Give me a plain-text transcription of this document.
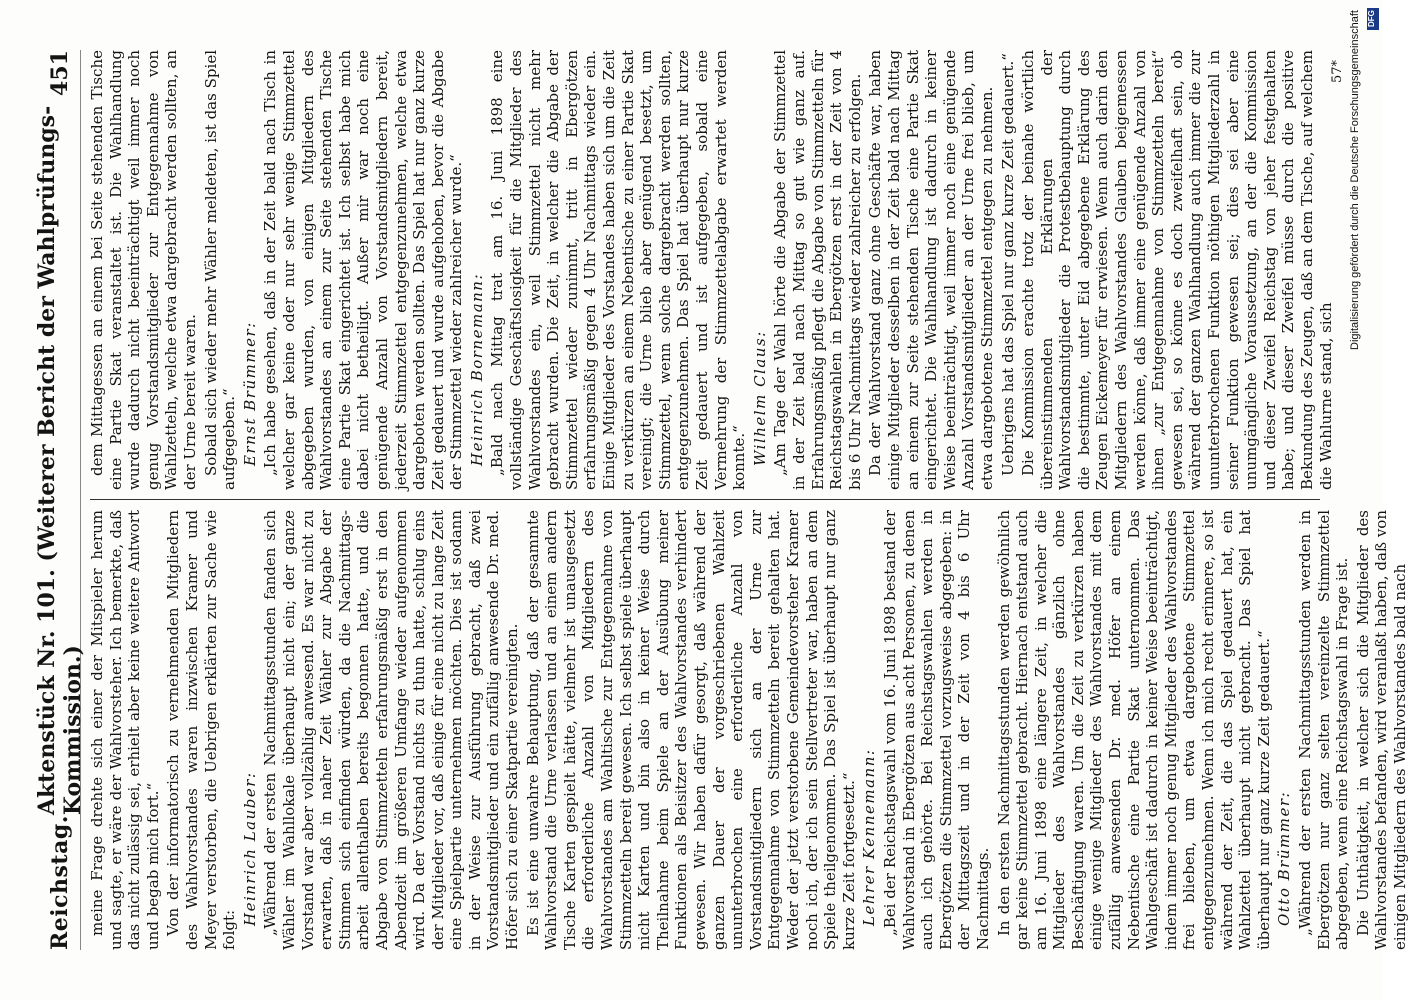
Reichstag.
Aktenstück Nr. 101. (Weiterer Bericht der Wahlprüfungs-Kommission.)
451

meine Frage drehte sich einer der Mitspieler herum und sagte, er wäre der Wahlvorsteher. Ich bemerkte, daß das nicht zulässig sei, erhielt aber keine weitere Antwort und begab mich fort.“ Von der informatorisch zu vernehmenden Mitgliedern des Wahlvorstandes waren inzwischen Kramer und Meyer verstorben, die Uebrigen erklärten zur Sache wie folgt:

Heinrich Lauber: „Während der ersten Nachmittagsstunden fanden sich Wähler im Wahllokale überhaupt nicht ein; der ganze Vorstand war aber vollzählig anwesend. Es war nicht zu erwarten, daß in naher Zeit Wähler zur Abgabe der Stimmen sich einfinden würden, da die Nachmittags-arbeit allenthalben bereits begonnen hatte, und die Abgabe von Stimmzetteln erfahrungsmäßig erst in den Abendzeit im größeren Umfange wieder aufgenommen wird. Da der Vorstand nichts zu thun hatte, schlug eins der Mitglieder vor, daß einige für eine nicht zu lange Zeit eine Spielpartie unternehmen möchten. Dies ist sodann in der Weise zur Ausführung gebracht, daß zwei Vorstandsmitglieder und ein zufällig anwesende Dr. med. Höfer sich zu einer Skatpartie vereinigten. Es ist eine unwahre Behauptung, daß der gesammte Wahlvorstand die Urne verlassen und an einem andern Tische Karten gespielt hätte, vielmehr ist unausgesetzt die erforderliche Anzahl von Mitgliedern des Wahlvorstandes am Wahltische zur Entgegennahme von Stimmzetteln bereit gewesen. Ich selbst spiele überhaupt nicht Karten und bin also in keiner Weise durch Theilnahme beim Spiele an der Ausübung meiner Funktionen als Beisitzer des Wahlvorstandes verhindert gewesen. Wir haben dafür gesorgt, daß während der ganzen Dauer der vorgeschriebenen Wahlzeit ununterbrochen eine erforderliche Anzahl von Vorstandsmitgliedern sich an der Urne zur Entgegennahme von Stimmzetteln bereit gehalten hat. Weder der jetzt verstorbene Gemeindevorsteher Kramer noch ich, der ich sein Stellvertreter war, haben an dem Spiele theilgenommen. Das Spiel ist überhaupt nur ganz kurze Zeit fortgesetzt.“ Lehrer Kennemann: „Bei der Reichstagswahl vom 16. Juni 1898 bestand der Wahlvorstand in Ebergötzen aus acht Personen, zu denen auch ich gehörte. Bei Reichstagswahlen werden in Ebergötzen die Stimmzettel vorzugsweise abgegeben: in der Mittagszeit und in der Zeit von 4 bis 6 Uhr Nachmittags. In den ersten Nachmittagsstunden werden gewöhnlich gar keine Stimmzettel gebracht. Hiernach entstand auch am 16. Juni 1898 eine längere Zeit, in welcher die Mitglieder des Wahlvorstandes gänzlich ohne Beschäftigung waren. Um die Zeit zu verkürzen haben einige wenige Mitglieder des Wahlvorstandes mit dem zufällig anwesenden Dr. med. Höfer an einem Nebentische eine Partie Skat unternommen. Das Wahlgeschäft ist dadurch in keiner Weise beeinträchtigt, indem immer noch genug Mitglieder des Wahlvorstandes frei blieben, um etwa dargebotene Stimmzettel entgegenzunehmen. Wenn ich mich recht erinnere, so ist während der Zeit, die das Spiel gedauert hat, ein Wahlzettel überhaupt nicht gebracht. Das Spiel hat überhaupt nur ganz kurze Zeit gedauert.“ Otto Brümmer: „Während der ersten Nachmittagsstunden werden in Ebergötzen nur ganz selten vereinzelte Stimmzettel abgegeben, wenn eine Reichstagswahl in Frage ist. Die Unthätigkeit, in welcher sich die Mitglieder des Wahlvorstandes befanden, wird veranlaßt haben, daß von einigen Mitgliedern des Wahlvorstandes bald nach

dem Mittagessen an einem bei Seite stehenden Tische eine Partie Skat veranstaltet ist. Die Wahlhandlung wurde dadurch nicht beeinträchtigt weil immer noch genug Vorstandsmitglieder zur Entgegennahme von Wahlzetteln, welche etwa dargebracht werden sollten, an der Urne bereit waren. Sobald sich wieder mehr Wähler meldeten, ist das Spiel aufgegeben.“ Ernst Brümmer: „Ich habe gesehen, daß in der Zeit bald nach Tisch in welcher gar keine oder nur sehr wenige Stimmzettel abgegeben wurden, von einigen Mitgliedern des Wahlvorstandes an einem zur Seite stehenden Tische eine Partie Skat eingerichtet ist. Ich selbst habe mich dabei nicht betheiligt. Außer mir war noch eine genügende Anzahl von Vorstandsmitgliedern bereit, jederzeit Stimmzettel entgegenzunehmen, welche etwa dargeboten werden sollten. Das Spiel hat nur ganz kurze Zeit gedauert und wurde aufgehoben, bevor die Abgabe der Stimmzettel wieder zahlreicher wurde.“ Heinrich Bornemann: „Bald nach Mittag trat am 16. Juni 1898 eine vollständige Geschäftslosigkeit für die Mitglieder des Wahlvorstandes ein, weil Stimmzettel nicht mehr gebracht wurden. Die Zeit, in welcher die Abgabe der Stimmzettel wieder zunimmt, tritt in Ebergötzen erfahrungsmäßig gegen 4 Uhr Nachmittags wieder ein. Einige Mitglieder des Vorstandes haben sich um die Zeit zu verkürzen an einem Nebentische zu einer Partie Skat vereinigt; die Urne blieb aber genügend besetzt, um Stimmzettel, wenn solche dargebracht werden sollten, entgegenzunehmen. Das Spiel hat überhaupt nur kurze Zeit gedauert und ist aufgegeben, sobald eine Vermehrung der Stimmzettelabgabe erwartet werden konnte.“ Wilhelm Claus: „Am Tage der Wahl hörte die Abgabe der Stimmzettel in der Zeit bald nach Mittag so gut wie ganz auf. Erfahrungsmäßig pflegt die Abgabe von Stimmzetteln für Reichstagswahlen in Ebergötzen erst in der Zeit von 4 bis 6 Uhr Nachmittags wieder zahlreicher zu erfolgen. Da der Wahlvorstand ganz ohne Geschäfte war, haben einige Mitglieder desselben in der Zeit bald nach Mittag an einem zur Seite stehenden Tische eine Partie Skat eingerichtet. Die Wahlhandlung ist dadurch in keiner Weise beeinträchtigt, weil immer noch eine genügende Anzahl Vorstandsmitglieder an der Urne frei blieb, um etwa dargebotene Stimmzettel entgegen zu nehmen. Uebrigens hat das Spiel nur ganz kurze Zeit gedauert.“ Die Kommission erachte trotz der beinahe wörtlich übereinstimmenden Erklärungen der Wahlvorstandsmitglieder die Protestbehauptung durch die bestimmte, unter Eid abgegebene Erklärung des Zeugen Eickemeyer für erwiesen. Wenn auch darin den Mitgliedern des Wahlvorstandes Glauben beigemessen werden könne, daß immer eine genügende Anzahl von ihnen „zur Entgegennahme von Stimmzetteln bereit“ gewesen sei, so könne es doch zweifelhaft sein, ob während der ganzen Wahlhandlung auch immer die zur ununterbrochenen Funktion nöthigen Mitgliederzahl in seiner Funktion gewesen sei; dies sei aber eine unumgängliche Voraussetzung, an der die Kommission und dieser Zweifel Reichstag von jeher festgehalten habe; und dieser Zweifel müsse durch die positive Bekundung des Zeugen, daß an dem Tische, auf welchem die Wahlurne stand, sich

57* Digitalisierung gefördert durch die Deutsche Forschungsgemeinschaft DFG
